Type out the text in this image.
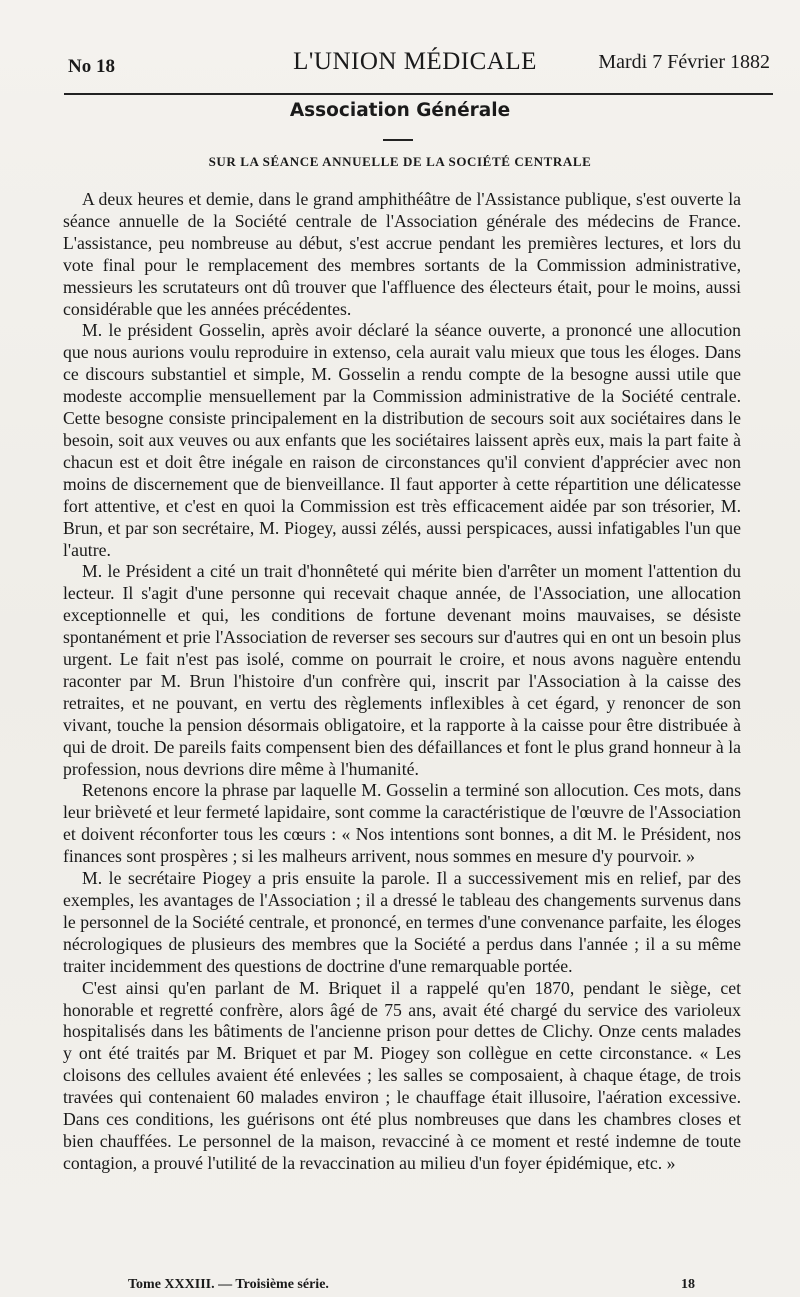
No 18	L'UNION MÉDICALE	Mardi 7 Février 1882
Association Générale
SUR LA SÉANCE ANNUELLE DE LA SOCIÉTÉ CENTRALE

A deux heures et demie, dans le grand amphithéâtre de l'Assistance publique, s'est ouverte la séance annuelle de la Société centrale de l'Association générale des médecins de France. L'assistance, peu nombreuse au début, s'est accrue pendant les premières lectures, et lors du vote final pour le remplacement des membres sortants de la Commission administrative, messieurs les scrutateurs ont dû trouver que l'affluence des électeurs était, pour le moins, aussi considérable que les années précédentes.

M. le président Gosselin, après avoir déclaré la séance ouverte, a prononcé une allocution que nous aurions voulu reproduire in extenso, cela aurait valu mieux que tous les éloges. Dans ce discours substantiel et simple, M. Gosselin a rendu compte de la besogne aussi utile que modeste accomplie mensuellement par la Commission administrative de la Société centrale. Cette besogne consiste principalement en la distribution de secours soit aux sociétaires dans le besoin, soit aux veuves ou aux enfants que les sociétaires laissent après eux, mais la part faite à chacun est et doit être inégale en raison de circonstances qu'il convient d'apprécier avec non moins de discernement que de bienveillance. Il faut apporter à cette répartition une délicatesse fort attentive, et c'est en quoi la Commission est très efficacement aidée par son trésorier, M. Brun, et par son secrétaire, M. Piogey, aussi zélés, aussi perspicaces, aussi infatigables l'un que l'autre.

M. le Président a cité un trait d'honnêteté qui mérite bien d'arrêter un moment l'attention du lecteur. Il s'agit d'une personne qui recevait chaque année, de l'Association, une allocation exceptionnelle et qui, les conditions de fortune devenant moins mauvaises, se désiste spontanément et prie l'Association de reverser ses secours sur d'autres qui en ont un besoin plus urgent. Le fait n'est pas isolé, comme on pourrait le croire, et nous avons naguère entendu raconter par M. Brun l'histoire d'un confrère qui, inscrit par l'Association à la caisse des retraites, et ne pouvant, en vertu des règlements inflexibles à cet égard, y renoncer de son vivant, touche la pension désormais obligatoire, et la rapporte à la caisse pour être distribuée à qui de droit. De pareils faits compensent bien des défaillances et font le plus grand honneur à la profession, nous devrions dire même à l'humanité.

Retenons encore la phrase par laquelle M. Gosselin a terminé son allocution. Ces mots, dans leur brièveté et leur fermeté lapidaire, sont comme la caractéristique de l'œuvre de l'Association et doivent réconforter tous les cœurs : « Nos intentions sont bonnes, a dit M. le Président, nos finances sont prospères ; si les malheurs arrivent, nous sommes en mesure d'y pourvoir. »

M. le secrétaire Piogey a pris ensuite la parole. Il a successivement mis en relief, par des exemples, les avantages de l'Association ; il a dressé le tableau des changements survenus dans le personnel de la Société centrale, et prononcé, en termes d'une convenance parfaite, les éloges nécrologiques de plusieurs des membres que la Société a perdus dans l'année ; il a su même traiter incidemment des questions de doctrine d'une remarquable portée.

C'est ainsi qu'en parlant de M. Briquet il a rappelé qu'en 1870, pendant le siège, cet honorable et regretté confrère, alors âgé de 75 ans, avait été chargé du service des varioleux hospitalisés dans les bâtiments de l'ancienne prison pour dettes de Clichy. Onze cents malades y ont été traités par M. Briquet et par M. Piogey son collègue en cette circonstance. « Les cloisons des cellules avaient été enlevées ; les salles se composaient, à chaque étage, de trois travées qui contenaient 60 malades environ ; le chauffage était illusoire, l'aération excessive. Dans ces conditions, les guérisons ont été plus nombreuses que dans les chambres closes et bien chauffées. Le personnel de la maison, revacciné à ce moment et resté indemne de toute contagion, a prouvé l'utilité de la revaccination au milieu d'un foyer épidémique, etc. »

Tome XXXIII. — Troisième série.	18
